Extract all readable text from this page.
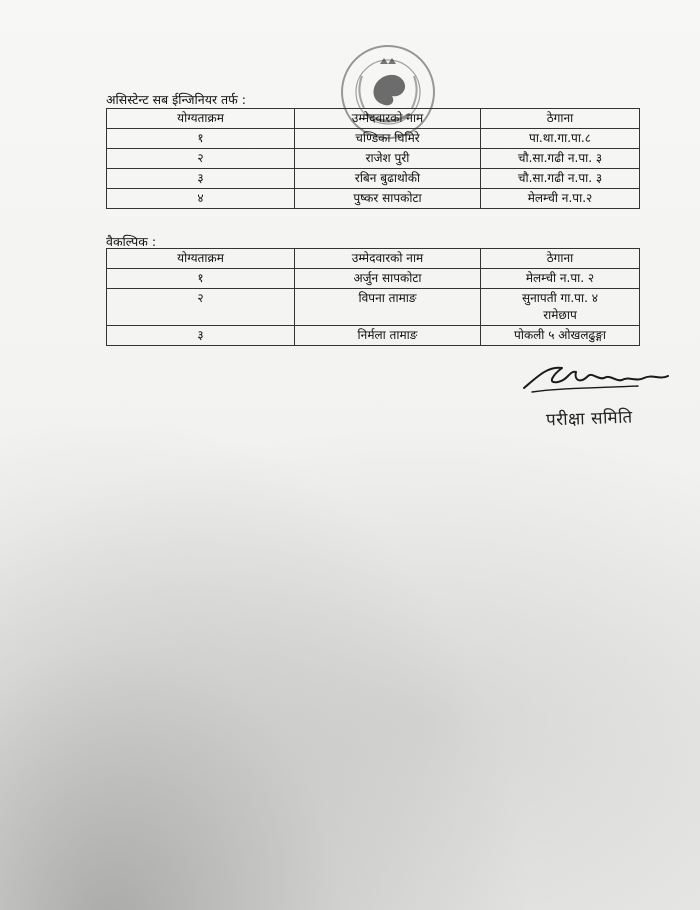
असिस्टेन्ट सब ईन्जिनियर तर्फ :
योग्यताक्रम	उम्मेदवारको नाम	ठेगाना
१	चण्डिका घिमिरे	पा.था.गा.पा.८
२	राजेश पुरी	चौ.सा.गढी न.पा. ३
३	रबिन बुढाथोकी	चौ.सा.गढी न.पा. ३
४	पुष्कर सापकोटा	मेलम्ची न.पा.२
वैकल्पिक :
योग्यताक्रम	उम्मेदवारको नाम	ठेगाना
१	अर्जुन सापकोटा	मेलम्ची न.पा. २

२	विपना तामाङ	सुनापती गा.पा. ४
रामेछाप

३	निर्मला तामाङ	पोकली ५ ओखलढुङ्गा
परीक्षा समिति
